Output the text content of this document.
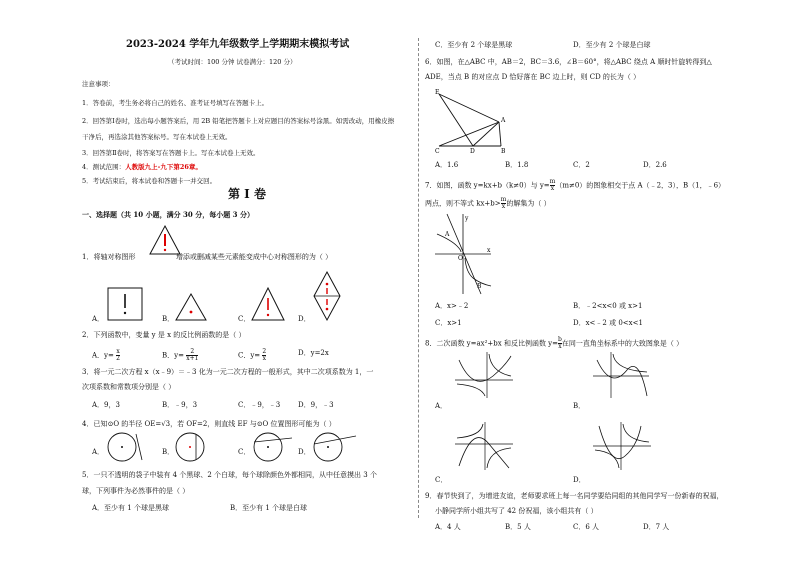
2023-2024 学年九年级数学上学期期末模拟考试
（考试时间：100 分钟 试卷满分：120 分）
注意事项：
1．答卷前，考生务必将自己的姓名、准考证号填写在答题卡上。
2．回答第Ⅰ卷时，选出每小题答案后，用 2B 铅笔把答题卡上对应题目的答案标号涂黑。如需改动，用橡皮擦
干净后，再选涂其他答案标号。写在本试卷上无效。
3．回答第Ⅱ卷时，将答案写在答题卡上。写在本试卷上无效。
4．测试范围：人教版九上-九下第26章。
5．考试结束后，将本试卷和答题卡一并交回。
第 I 卷
一、选择题（共 10 小题，满分 30 分，每小题 3 分）
1．将轴对称图形	增添或删减某些元素能变成中心对称图形的为（ ）
A．	B．	C．	D．
2．下列函数中，变量 y 是 x 的反比例函数的是（ ）
A．$y= \frac{x}{2}$	B．$y= \frac{2}{x+1}$	C．$y= \frac{2}{x}$	D．y=2x
3．将一元二次方程 x（x﹣9）＝﹣3 化为一元二次方程的一般形式，其中二次项系数为 1，一
次项系数和常数项分别是（ ）
A．9，3	B．﹣9，3	C．﹣9，﹣3	D．9，﹣3
4．已知⊙O 的半径 OE=√3，若 OF=2，则直线 EF 与⊙O 位置图形可能为（ ）
A．	B．	C．	D．
5．一只不透明的袋子中装有 4 个黑球、2 个白球，每个球除颜色外都相同，从中任意摸出 3 个
球，下列事件为必然事件的是（ ）
A．至少有 1 个球是黑球	B．至少有 1 个球是白球
C．至少有 2 个球是黑球	D．至少有 2 个球是白球
6．如图，在△ABC 中，AB＝2，BC＝3.6，∠B＝60°，将△ABC 绕点 A 顺时针旋转得到△
ADE，当点 B 的对应点 D 恰好落在 BC 边上时，则 CD 的长为（ ）
E
A
D
C	B
A．1.6	B．1.8	C．2	D．2.6
7．如图，函数 y=kx+b（k≠0）与 $y= \frac{m}{x} (m\ne 0)$的图象相交于点 A（﹣2，3），B（1，﹣6）
两点，则不等式 $kx+b> \frac{m}{x}$ 的解集为（ ）
y
x
O
A
B
A．x>﹣2	B．﹣2<x<0 或 x>1
C．x>1	D．x<﹣2 或 0<x<1
8．二次函数 y=ax²+bx 和反比例函数 $y= \frac{b}{x}$ 在同一直角坐标系中的大致图象是（ ）
A．	B．
C．	D．
9．春节快到了，为增进友谊，老师要求班上每一名同学要给同组的其他同学写一份新春的祝福，
小静同学所小组共写了 42 份祝福，该小组共有（ ）
A．4 人	B．5 人	C．6 人	D．7 人
